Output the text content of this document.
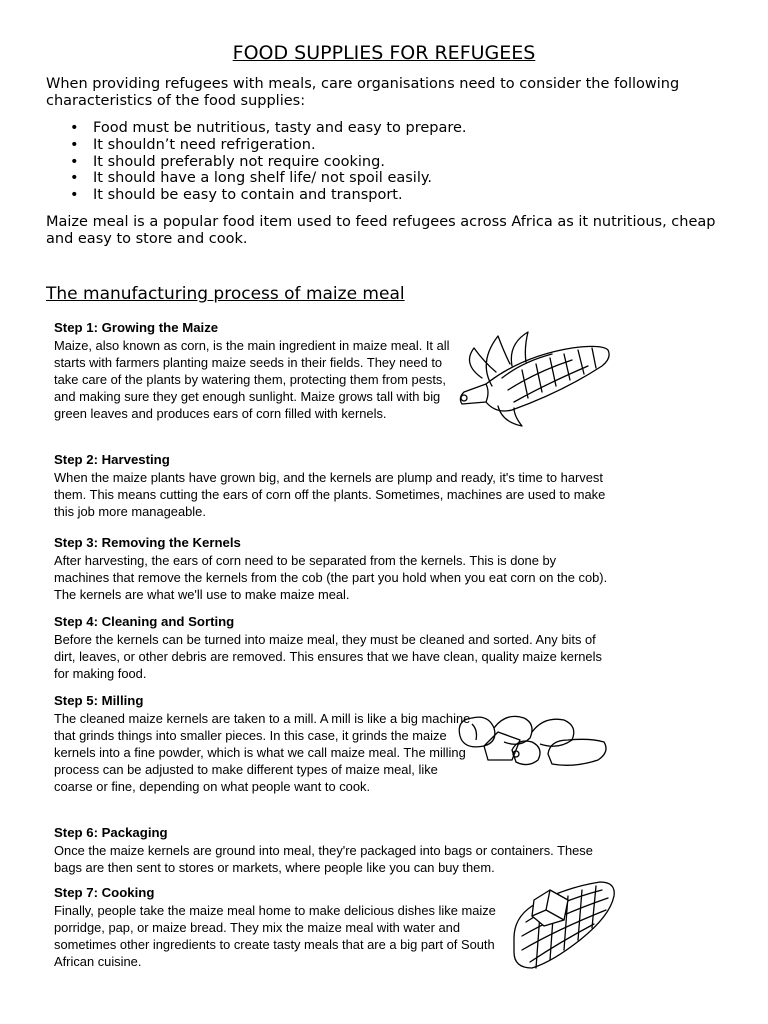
FOOD SUPPLIES FOR REFUGEES

When providing refugees with meals, care organisations need to consider the following characteristics of the food supplies:

• Food must be nutritious, tasty and easy to prepare.
• It shouldn’t need refrigeration.
• It should preferably not require cooking.
• It should have a long shelf life/ not spoil easily.
• It should be easy to contain and transport.

Maize meal is a popular food item used to feed refugees across Africa as it nutritious, cheap and easy to store and cook.

The manufacturing process of maize meal

Step 1: Growing the Maize

Maize, also known as corn, is the main ingredient in maize meal. It all starts with farmers planting maize seeds in their fields. They need to take care of the plants by watering them, protecting them from pests, and making sure they get enough sunlight. Maize grows tall with big green leaves and produces ears of corn filled with kernels.

Step 2: Harvesting

When the maize plants have grown big, and the kernels are plump and ready, it's time to harvest them. This means cutting the ears of corn off the plants. Sometimes, machines are used to make this job more manageable.

Step 3: Removing the Kernels

After harvesting, the ears of corn need to be separated from the kernels. This is done by machines that remove the kernels from the cob (the part you hold when you eat corn on the cob). The kernels are what we'll use to make maize meal.

Step 4: Cleaning and Sorting

Before the kernels can be turned into maize meal, they must be cleaned and sorted. Any bits of dirt, leaves, or other debris are removed. This ensures that we have clean, quality maize kernels for making food.

Step 5: Milling

The cleaned maize kernels are taken to a mill. A mill is like a big machine that grinds things into smaller pieces. In this case, it grinds the maize kernels into a fine powder, which is what we call maize meal. The milling process can be adjusted to make different types of maize meal, like coarse or fine, depending on what people want to cook.

Step 6: Packaging

Once the maize kernels are ground into meal, they're packaged into bags or containers. These bags are then sent to stores or markets, where people like you can buy them.

Step 7: Cooking

Finally, people take the maize meal home to make delicious dishes like maize porridge, pap, or maize bread. They mix the maize meal with water and sometimes other ingredients to create tasty meals that are a big part of South African cuisine.
